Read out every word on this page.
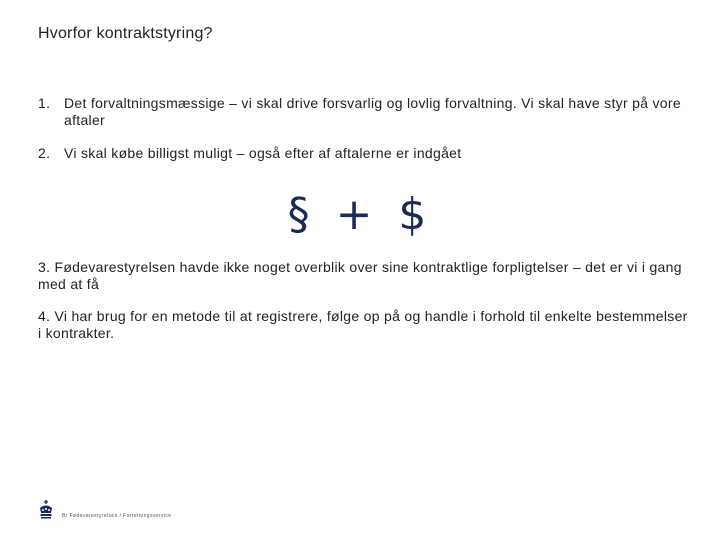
Hvorfor kontraktstyring?
1. Det forvaltningsmæssige – vi skal drive forsvarlig og lovlig forvaltning. Vi skal have styr på vore aftaler
2. Vi skal købe billigst muligt – også efter af aftalerne er indgået
§ + $
3. Fødevarestyrelsen havde ikke noget overblik over sine kontraktlige forpligtelser – det er vi i gang med at få
4. Vi har brug for en metode til at registrere, følge op på og handle i forhold til enkelte bestemmelser i kontrakter.
Br Fødevarestyrelsen / Forretningsservice
